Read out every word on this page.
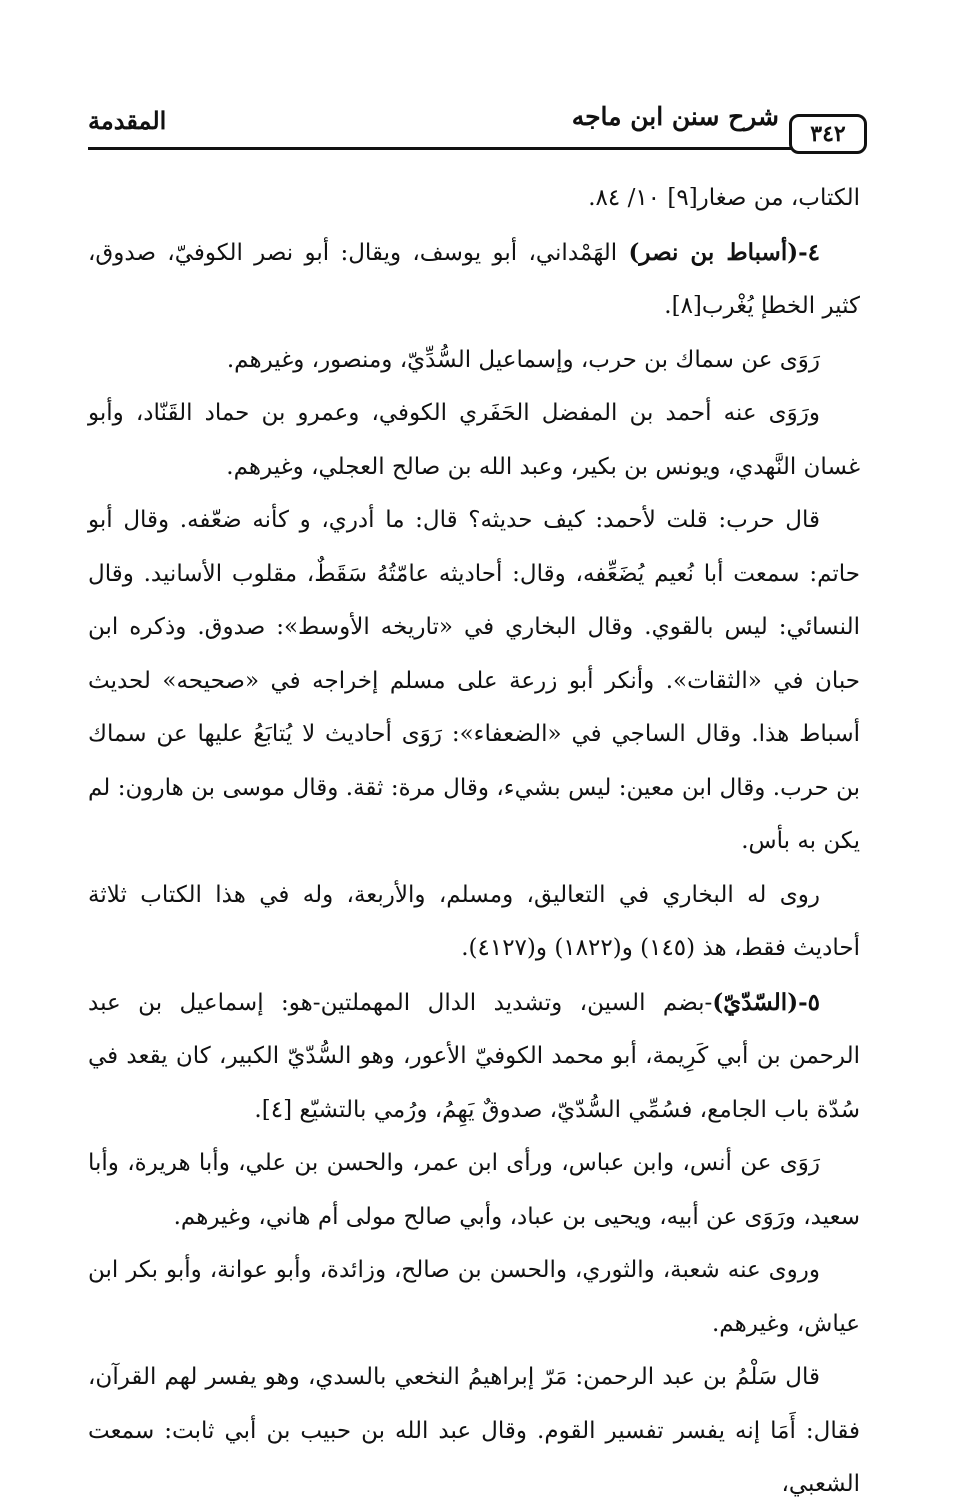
٣٤٢
شرح سنن ابن ماجه
المقدمة

الكتاب، من صغار[٩] ١٠/ ٨٤.

٤-(أسباط بن نصر) الهَمْداني، أبو يوسف، ويقال: أبو نصر الكوفيّ، صدوق، كثير الخطإ يُغْرب[٨].

رَوَى عن سماك بن حرب، وإسماعيل السُّدِّيّ، ومنصور، وغيرهم.

ورَوَى عنه أحمد بن المفضل الحَفَري الكوفي، وعمرو بن حماد القَنّاد، وأبو غسان النَّهدي، ويونس بن بكير، وعبد الله بن صالح العجلي، وغيرهم.

قال حرب: قلت لأحمد: كيف حديثه؟ قال: ما أدري، و كأنه ضعّفه. وقال أبو حاتم: سمعت أبا نُعيم يُضَعِّفه، وقال: أحاديثه عامّتُهُ سَقَطٌ، مقلوب الأسانيد. وقال النسائي: ليس بالقوي. وقال البخاري في «تاريخه الأوسط»: صدوق. وذكره ابن حبان في «الثقات». وأنكر أبو زرعة على مسلم إخراجه في «صحيحه» لحديث أسباط هذا. وقال الساجي في «الضعفاء»: رَوَى أحاديث لا يُتابَعُ عليها عن سماك بن حرب. وقال ابن معين: ليس بشيء، وقال مرة: ثقة. وقال موسى بن هارون: لم يكن به بأس.

روى له البخاري في التعاليق، ومسلم، والأربعة، وله في هذا الكتاب ثلاثة أحاديث فقط، هذ (١٤٥) و(١٨٢٢) و(٤١٢٧).

٥-(السّدّيّ)-بضم السين، وتشديد الدال المهملتين-هو: إسماعيل بن عبد الرحمن بن أبي كَرِيمة، أبو محمد الكوفيّ الأعور، وهو السُّدّيّ الكبير، كان يقعد في سُدّة باب الجامع، فسُمِّي السُّدّيّ، صدوقٌ يَهِمُ، ورُمي بالتشيّع [٤].

رَوَى عن أنس، وابن عباس، ورأى ابن عمر، والحسن بن علي، وأبا هريرة، وأبا سعيد، ورَوَى عن أبيه، ويحيى بن عباد، وأبي صالح مولى أم هاني، وغيرهم.

وروى عنه شعبة، والثوري، والحسن بن صالح، وزائدة، وأبو عوانة، وأبو بكر ابن عياش، وغيرهم.

قال سَلْمُ بن عبد الرحمن: مَرّ إبراهيمُ النخعي بالسدي، وهو يفسر لهم القرآن، فقال: أَمَا إنه يفسر تفسير القوم. وقال عبد الله بن حبيب بن أبي ثابت: سمعت الشعبي،
